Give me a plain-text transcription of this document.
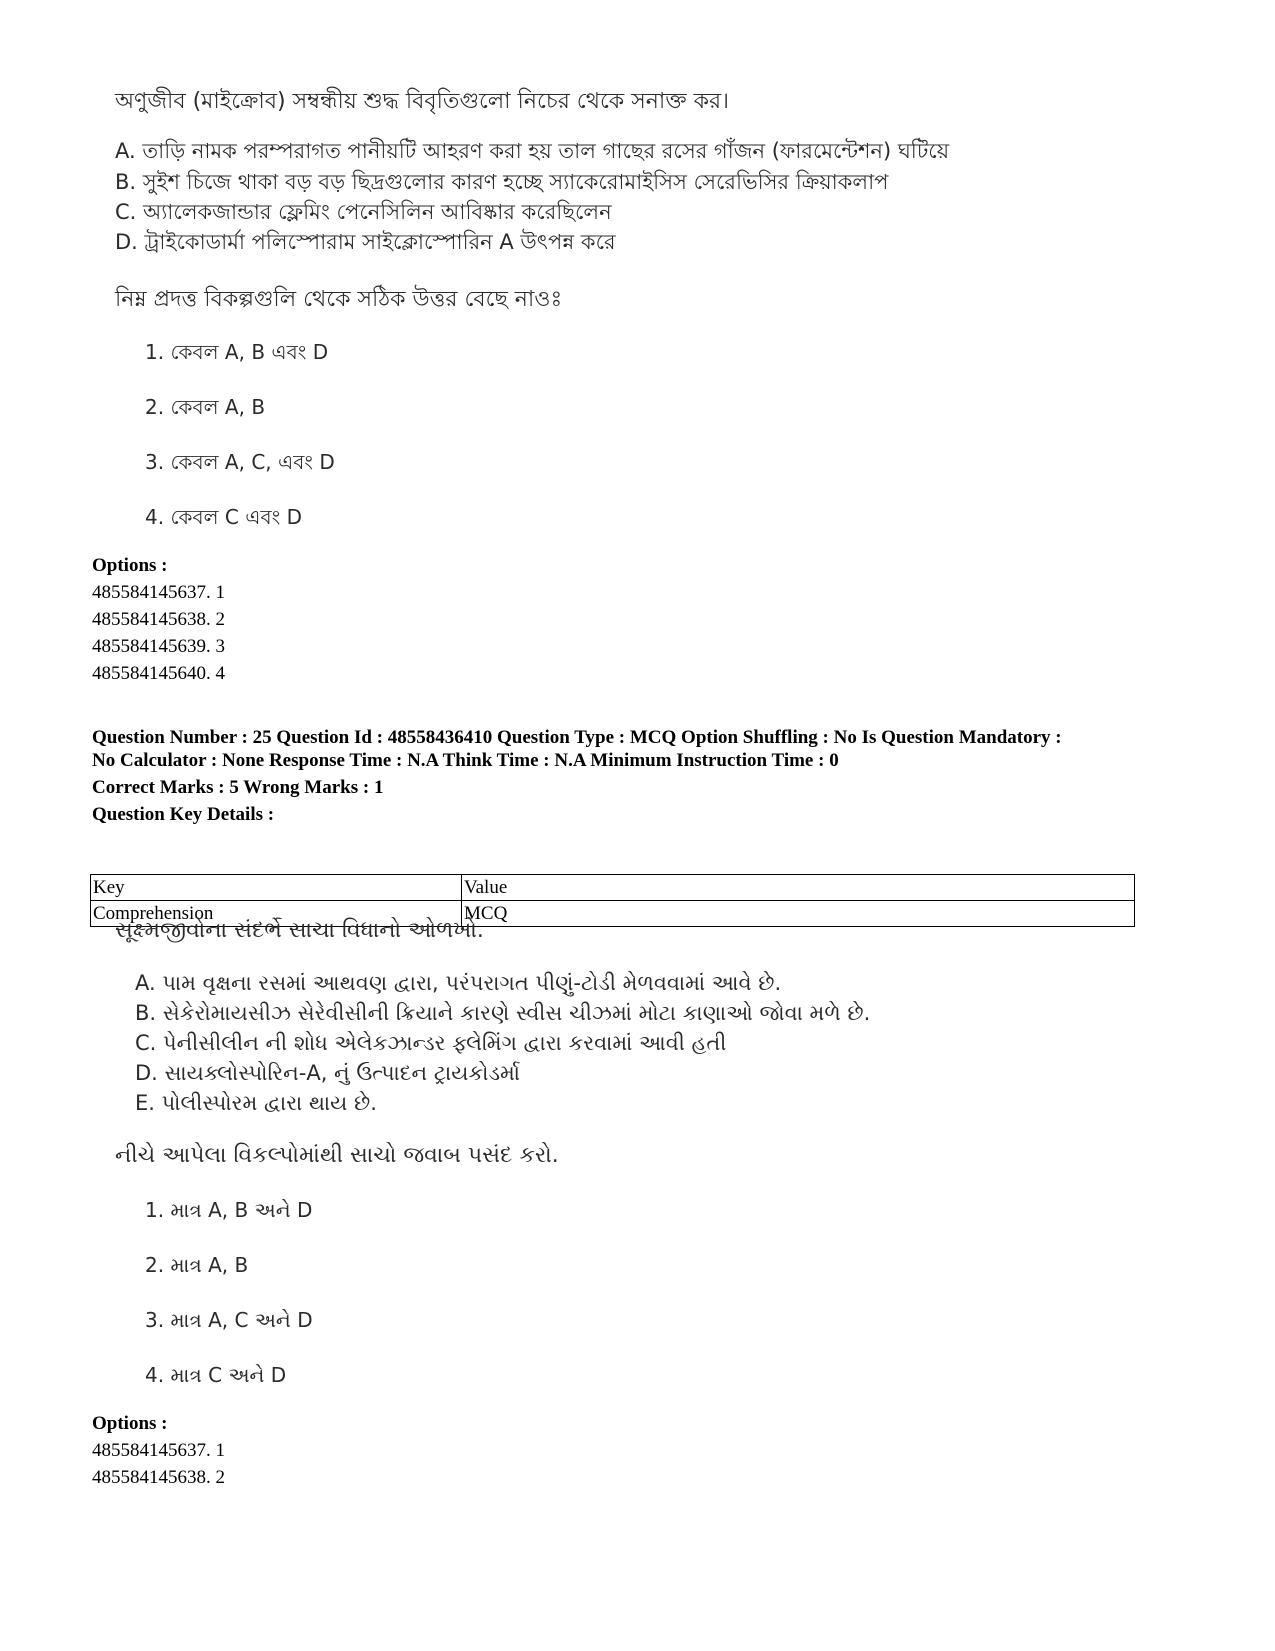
অণুজীব (মাইক্রোব) সম্বন্ধীয় শুদ্ধ বিবৃতিগুলো নিচের থেকে সনাক্ত কর।

A. তাড়ি নামক পরম্পরাগত পানীয়টি আহরণ করা হয় তাল গাছের রসের গাঁজন (ফারমেন্টেশন) ঘটিয়ে

B. সুইশ চিজে থাকা বড় বড় ছিদ্রগুলোর কারণ হচ্ছে স্যাকেরোমাইসিস সেরেভিসির ক্রিয়াকলাপ

C. অ্যালেকজান্ডার ফ্লেমিং পেনেসিলিন আবিষ্কার করেছিলেন

D. ট্রাইকোডার্মা পলিস্পোরাম সাইক্লোস্পোরিন A উৎপন্ন করে

নিম্ন প্রদত্ত বিকল্পগুলি থেকে সঠিক উত্তর বেছে নাওঃ

1. কেবল A, B এবং D

2. কেবল A, B

3. কেবল A, C, এবং D

4. কেবল C এবং D

Options :

485584145637. 1

485584145638. 2

485584145639. 3

485584145640. 4

Question Number : 25 Question Id : 48558436410 Question Type : MCQ Option Shuffling : No Is Question Mandatory :

No Calculator : None Response Time : N.A Think Time : N.A Minimum Instruction Time : 0

Correct Marks : 5 Wrong Marks : 1

Question Key Details :

Key	Value
Comprehension	MCQ

સૂક્ષ્મજીવોના સંદર્ભે સાચા વિધાનો ઓળખો.

A. પામ વૃક્ષના રસમાં આથવણ દ્વારા, પરંપરાગત પીણું-ટોડી મેળવવામાં આવે છે.

B. સેકેરોમાયસીઝ સેરેવીસીની ક્રિયાને કારણે સ્વીસ ચીઝમાં મોટા કાણાઓ જોવા મળે છે.

C. પેનીસીલીન ની શોધ એલેકઝાન્ડર ફ્લેમિંગ દ્વારા કરવામાં આવી હતી

D. સાયક્લોસ્પોરિન-A, નું ઉત્પાદન ટ્રાયકોડર્મા

E. પોલીસ્પોરમ દ્વારા થાય છે.

નીચે આપેલા વિકલ્પોમાંથી સાચો જવાબ પસંદ કરો.

1. માત્ર A, B અને D

2. માત્ર A, B

3. માત્ર A, C અને D

4. માત્ર C અને D

Options :

485584145637. 1

485584145638. 2
